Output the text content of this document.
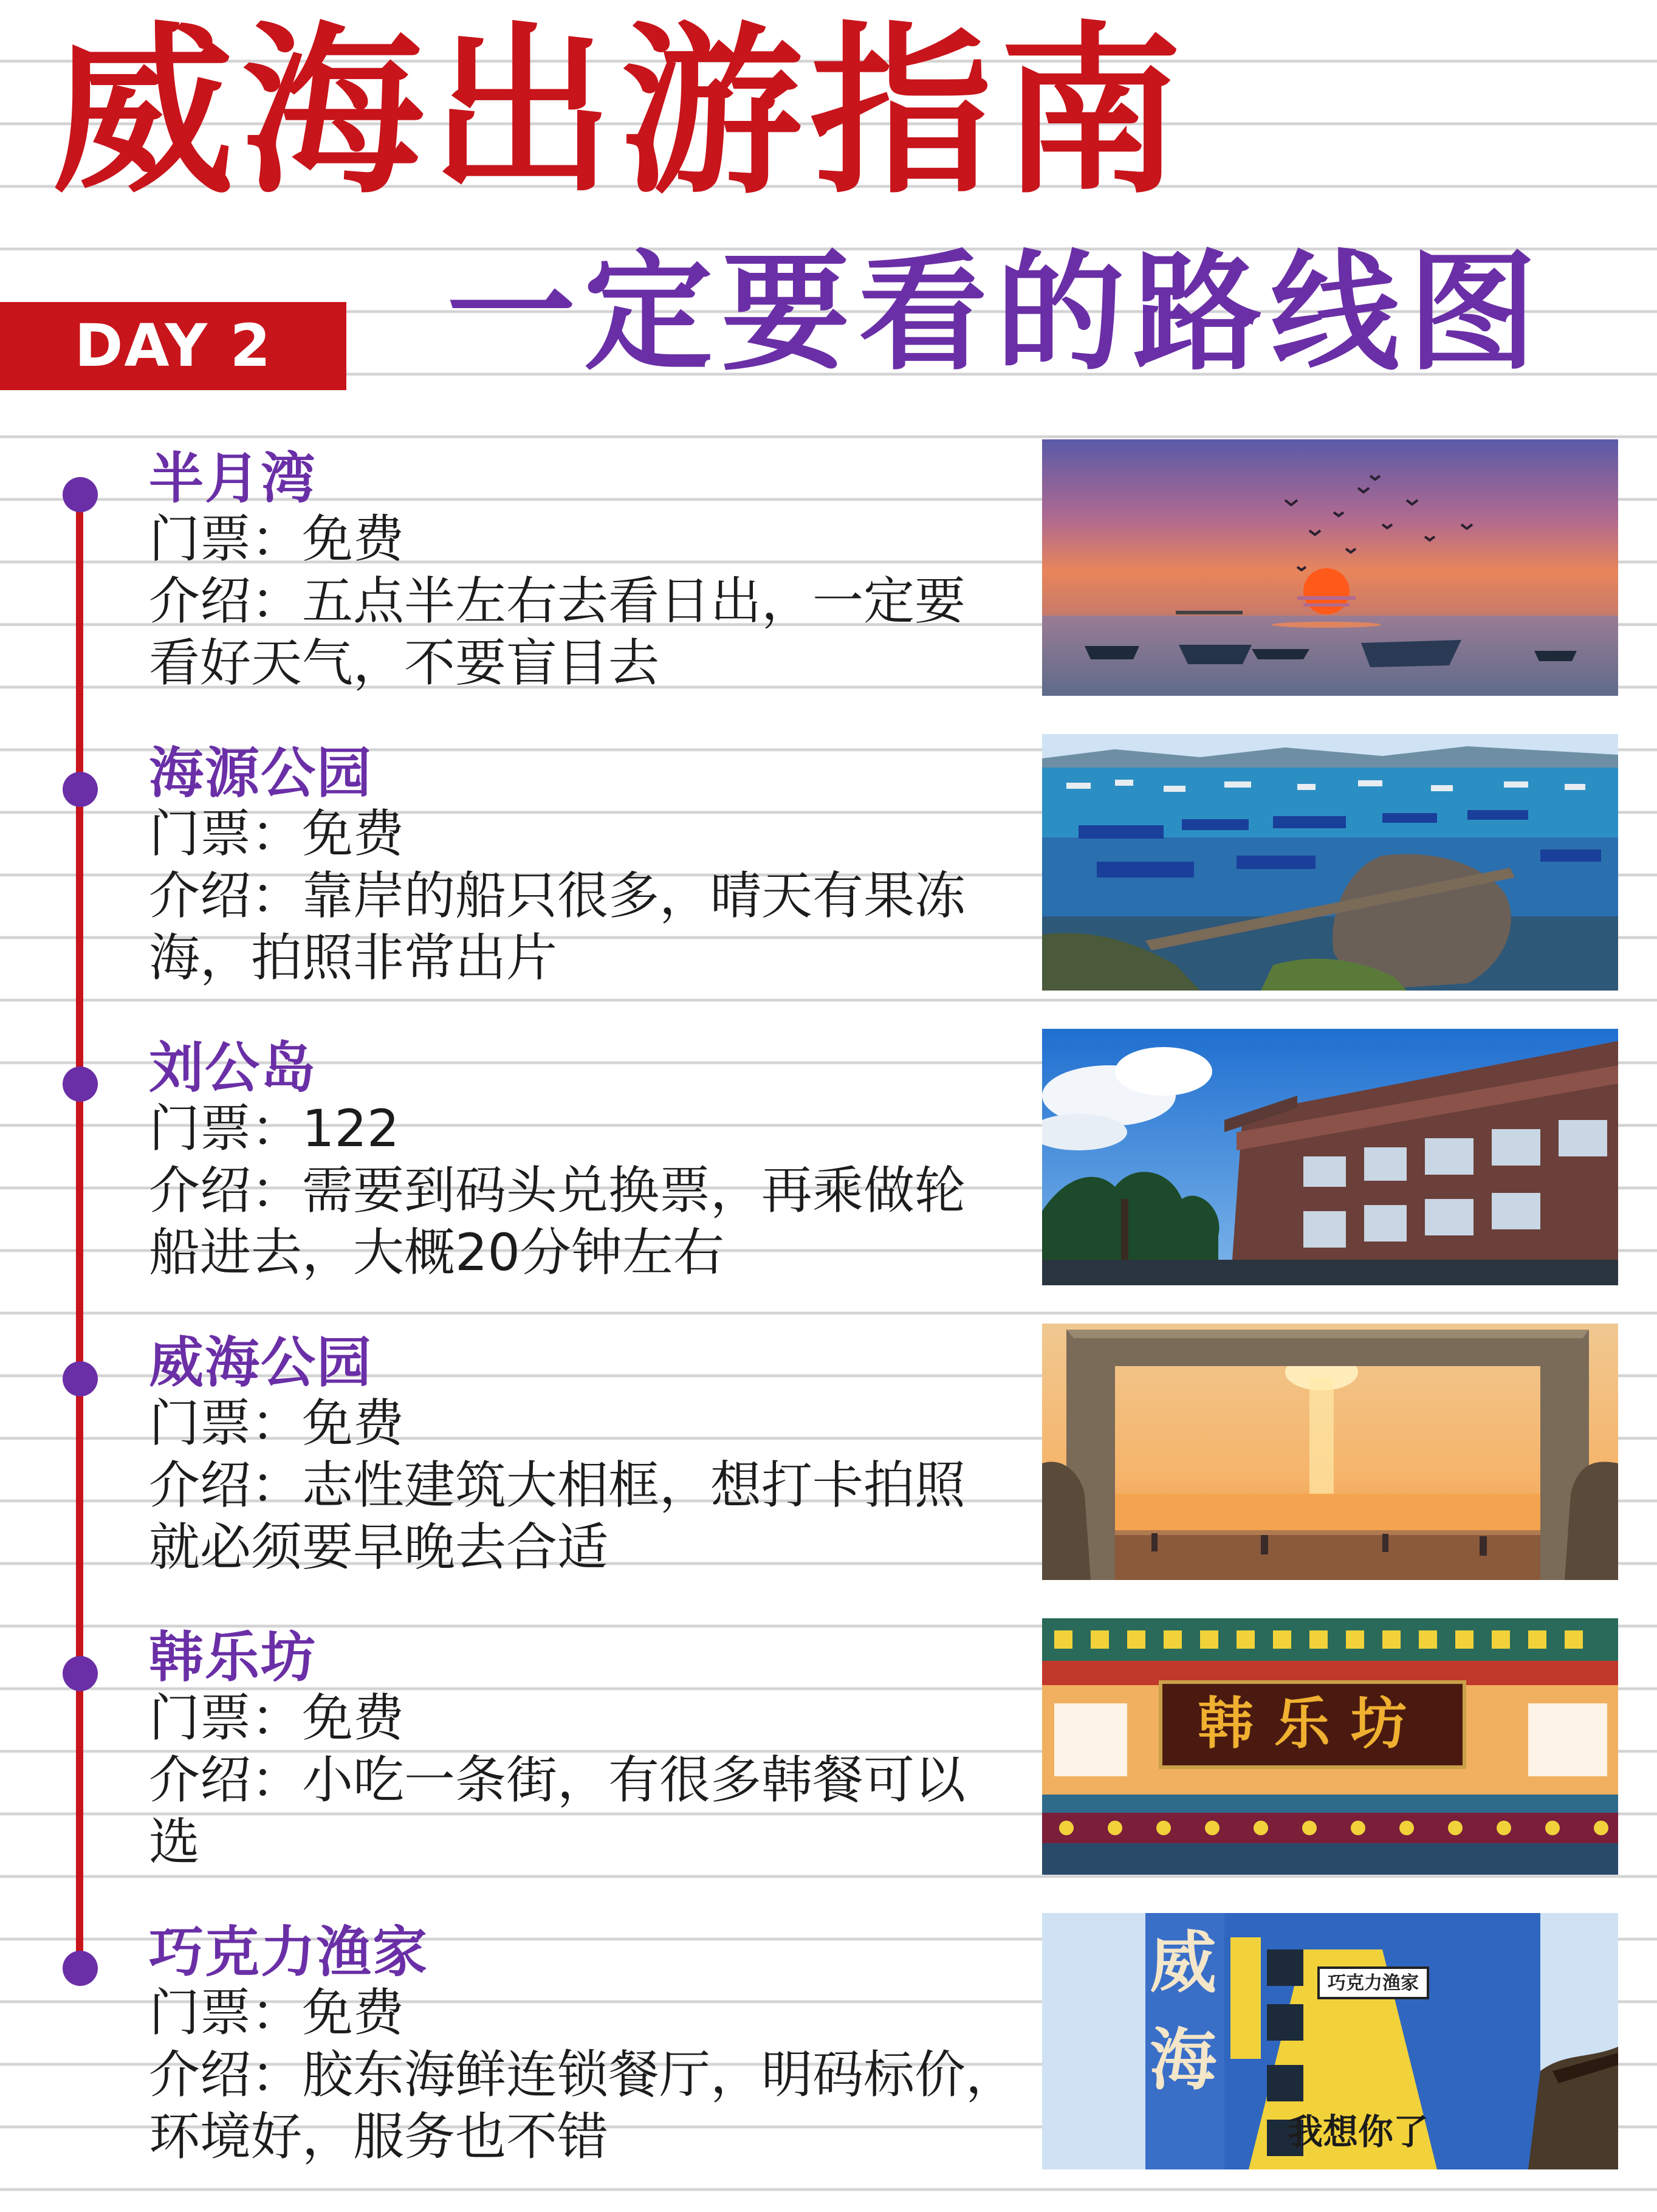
威海出游指南
DAY 2	一定要看的路线图
半月湾
门票：免费
介绍：五点半左右去看日出，一定要
看好天气，不要盲目去
海源公园
门票：免费
介绍：靠岸的船只很多，晴天有果冻
海，拍照非常出片
刘公岛
门票：122
介绍：需要到码头兑换票，再乘做轮
船进去，大概20分钟左右
威海公园
门票：免费
介绍：志性建筑大相框，想打卡拍照
就必须要早晚去合适
韩乐坊
门票：免费
介绍：小吃一条街，有很多韩餐可以
选
韩乐坊
巧克力渔家
门票：免费
介绍：胶东海鲜连锁餐厅，明码标价，
环境好，服务也不错
巧克力渔家
威
海
我想你了
